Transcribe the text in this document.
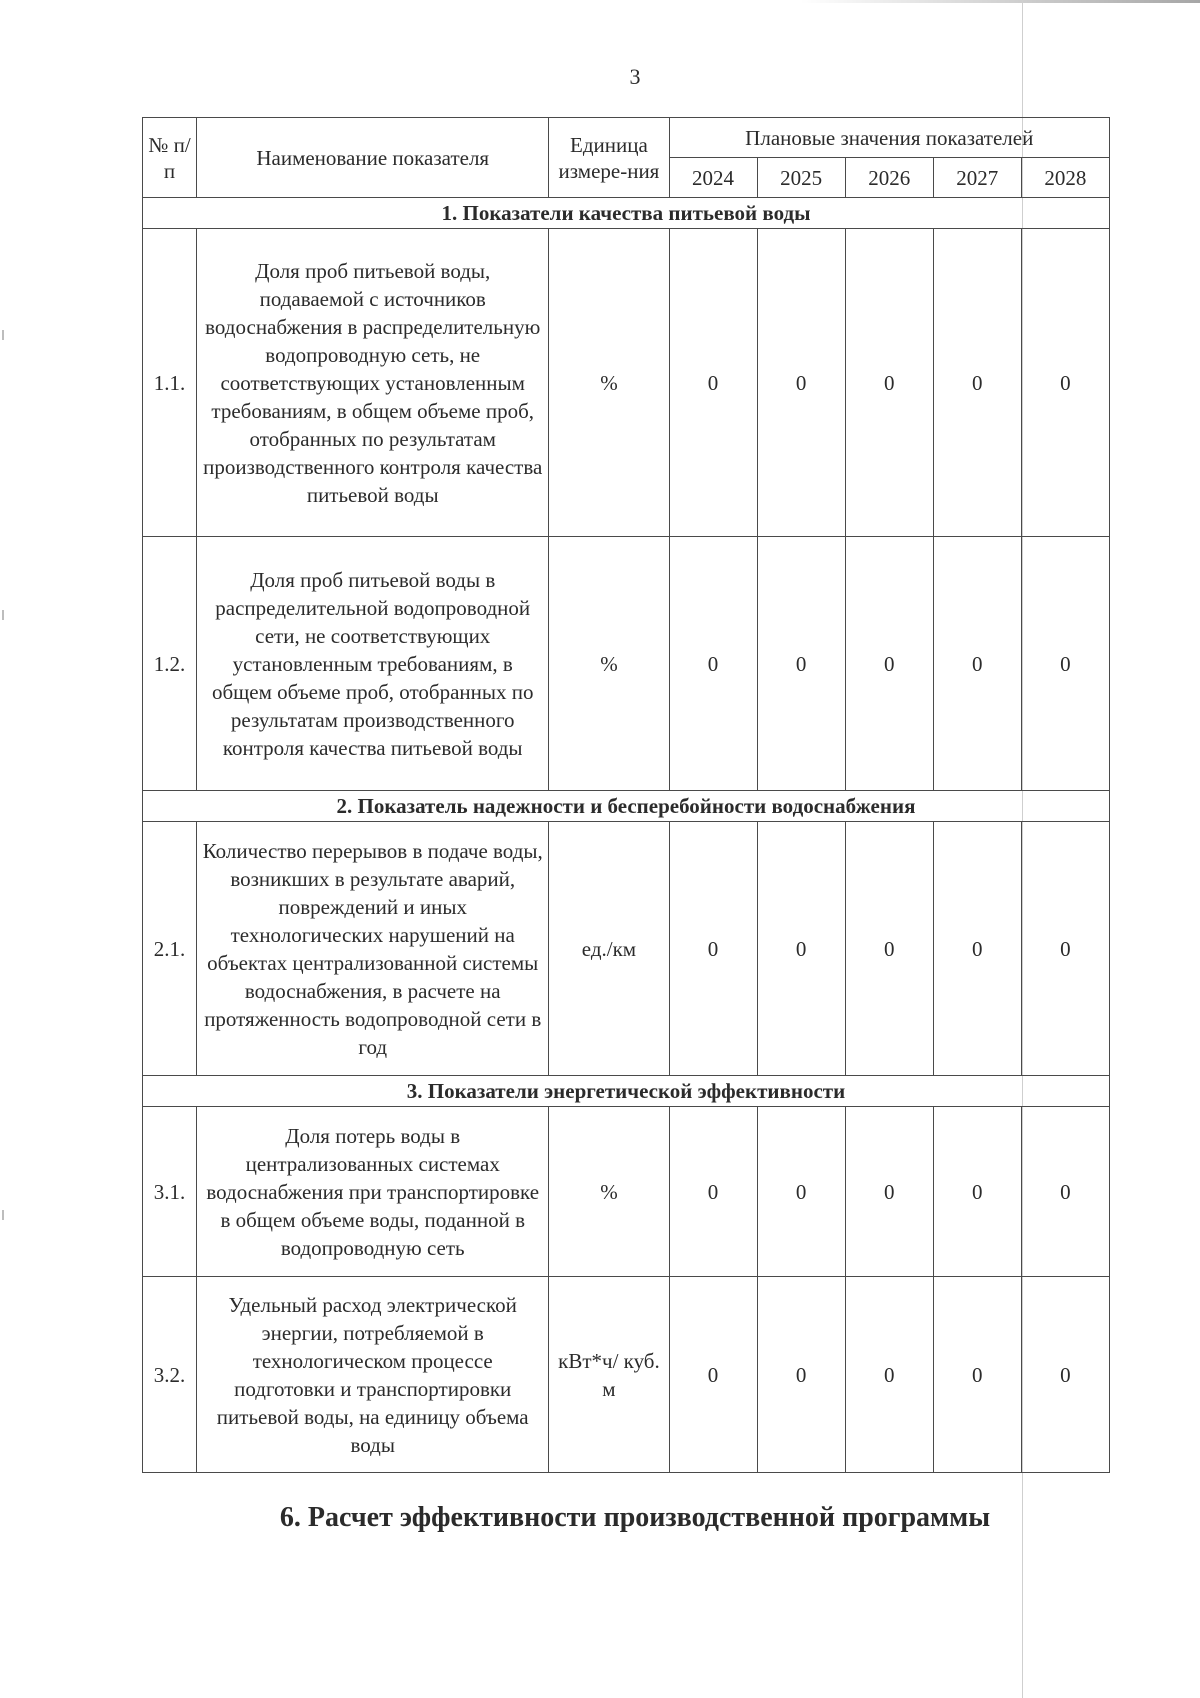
3
№ п/п	Наименование показателя	Единица измере-ния	Плановые значения показателей				
			2024	2025	2026	2027	2028
1. Показатели качества питьевой воды							
1.1.	Доля проб питьевой воды, подаваемой с источников водоснабжения в распределительную водопроводную сеть, не соответствующих установленным требованиям, в общем объеме проб, отобранных по результатам производственного контроля качества питьевой воды	%	0	0	0	0	0
1.2.	Доля проб питьевой воды в распределительной водопроводной сети, не соответствующих установленным требованиям, в общем объеме проб, отобранных по результатам производственного контроля качества питьевой воды	%	0	0	0	0	0
2. Показатель надежности и бесперебойности водоснабжения							
2.1.	Количество перерывов в подаче воды, возникших в результате аварий, повреждений и иных технологических нарушений на объектах централизованной системы водоснабжения, в расчете на протяженность водопроводной сети в год	ед./км	0	0	0	0	0
3. Показатели энергетической эффективности							
3.1.	Доля потерь воды в централизованных системах водоснабжения при транспортировке в общем объеме воды, поданной в водопроводную сеть	%	0	0	0	0	0
3.2.	Удельный расход электрической энергии, потребляемой в технологическом процессе подготовки и транспортировки питьевой воды, на единицу объема воды	кВт*ч/ куб. м	0	0	0	0	0
6. Расчет эффективности производственной программы
